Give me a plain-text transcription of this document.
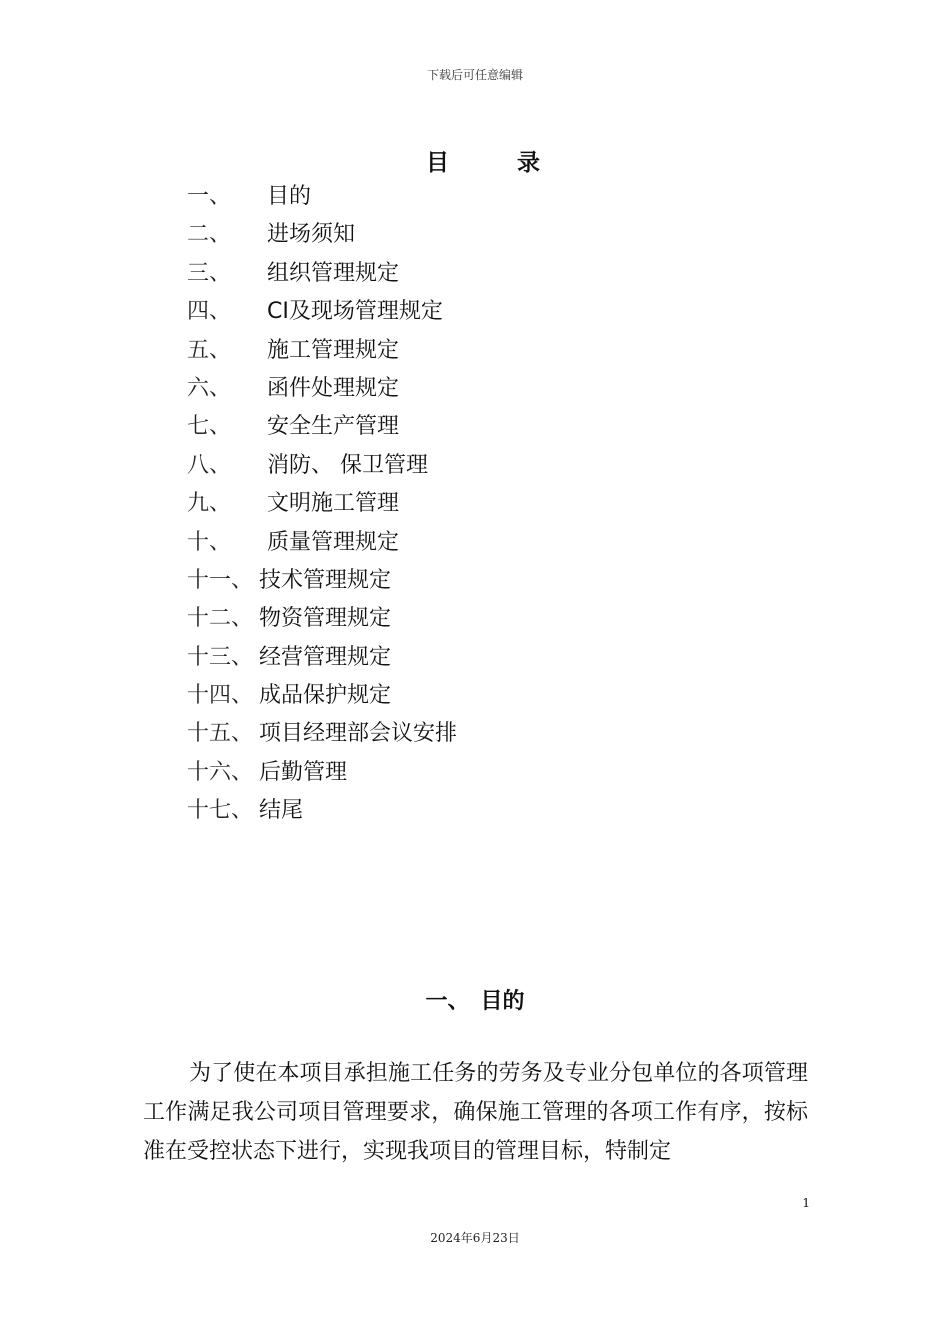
下载后可任意编辑
目 录
一、 目的
二、 进场须知
三、 组织管理规定
四、 CI及现场管理规定
五、 施工管理规定
六、 函件处理规定
七、 安全生产管理
八、 消防、 保卫管理
九、 文明施工管理
十、 质量管理规定
十一、 技术管理规定
十二、 物资管理规定
十三、 经营管理规定
十四、 成品保护规定
十五、 项目经理部会议安排
十六、 后勤管理
十七、 结尾
一、　目的

为了使在本项目承担施工任务的劳务及专业分包单位的各项管理工作满足我公司项目管理要求，确保施工管理的各项工作有序，按标准在受控状态下进行，实现我项目的管理目标，特制定

1
2024年6月23日
